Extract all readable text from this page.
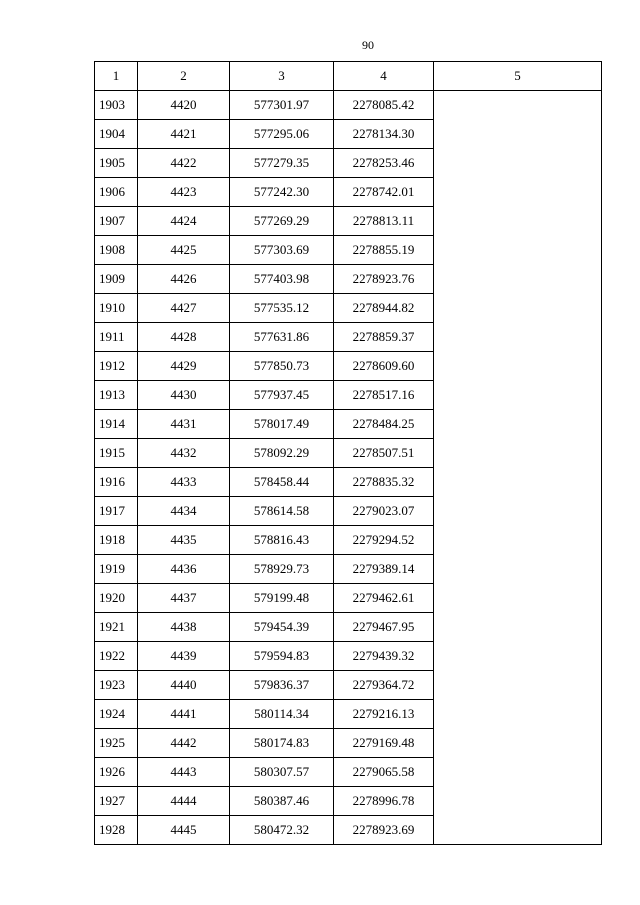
90
1	2	3	4	5
1903	4420	577301.97	2278085.42	
1904	4421	577295.06	2278134.30	
1905	4422	577279.35	2278253.46	
1906	4423	577242.30	2278742.01	
1907	4424	577269.29	2278813.11	
1908	4425	577303.69	2278855.19	
1909	4426	577403.98	2278923.76	
1910	4427	577535.12	2278944.82	
1911	4428	577631.86	2278859.37	
1912	4429	577850.73	2278609.60	
1913	4430	577937.45	2278517.16	
1914	4431	578017.49	2278484.25	
1915	4432	578092.29	2278507.51	
1916	4433	578458.44	2278835.32	
1917	4434	578614.58	2279023.07	
1918	4435	578816.43	2279294.52	
1919	4436	578929.73	2279389.14	
1920	4437	579199.48	2279462.61	
1921	4438	579454.39	2279467.95	
1922	4439	579594.83	2279439.32	
1923	4440	579836.37	2279364.72	
1924	4441	580114.34	2279216.13	
1925	4442	580174.83	2279169.48	
1926	4443	580307.57	2279065.58	
1927	4444	580387.46	2278996.78	
1928	4445	580472.32	2278923.69	
